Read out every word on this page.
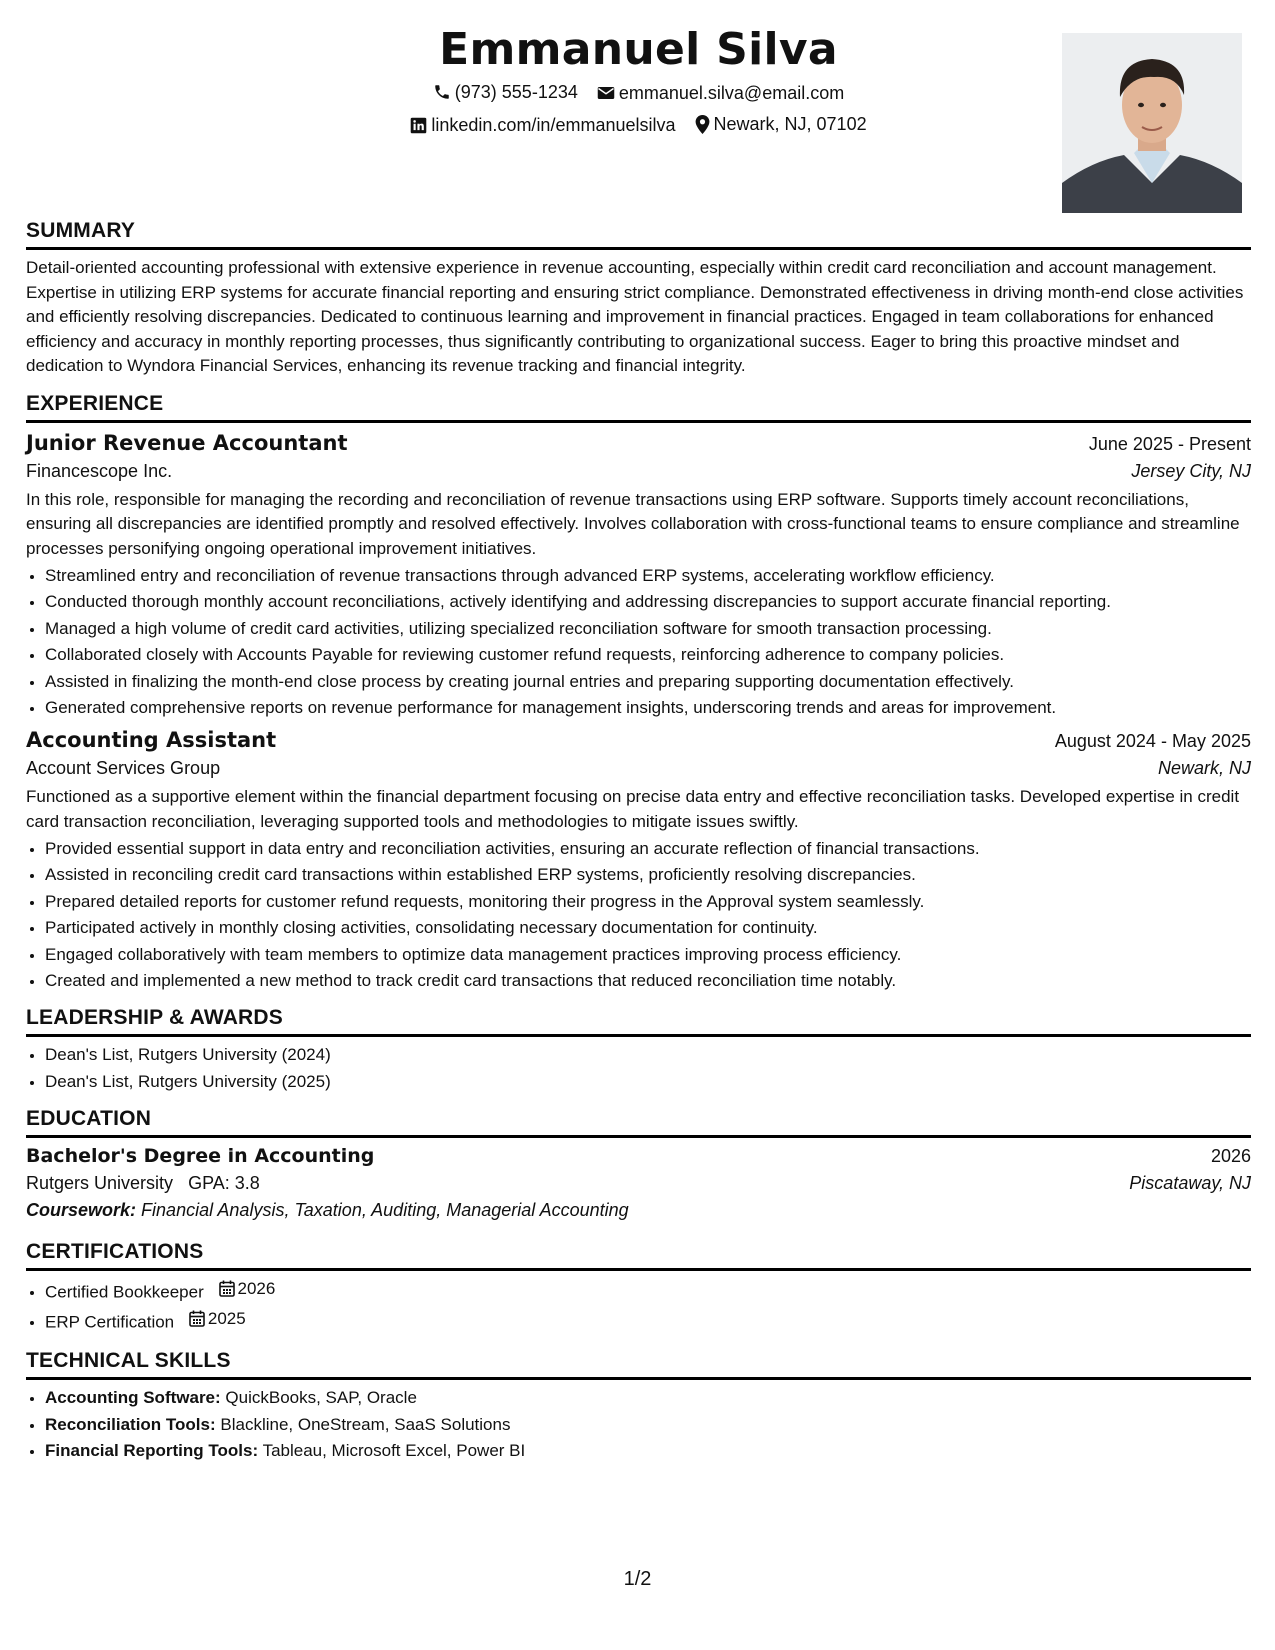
Emmanuel Silva
(973) 555-1234
emmanuel.silva@email.com
linkedin.com/in/emmanuelsilva
Newark, NJ, 07102
SUMMARY

Detail-oriented accounting professional with extensive experience in revenue accounting, especially within credit card reconciliation and account management. Expertise in utilizing ERP systems for accurate financial reporting and ensuring strict compliance. Demonstrated effectiveness in driving month-end close activities and efficiently resolving discrepancies. Dedicated to continuous learning and improvement in financial practices. Engaged in team collaborations for enhanced efficiency and accuracy in monthly reporting processes, thus significantly contributing to organizational success. Eager to bring this proactive mindset and dedication to Wyndora Financial Services, enhancing its revenue tracking and financial integrity.

EXPERIENCE
Junior Revenue Accountant	June 2025 - Present
Financescope Inc.	Jersey City, NJ

In this role, responsible for managing the recording and reconciliation of revenue transactions using ERP software. Supports timely account reconciliations, ensuring all discrepancies are identified promptly and resolved effectively. Involves collaboration with cross-functional teams to ensure compliance and streamline processes personifying ongoing operational improvement initiatives.

• Streamlined entry and reconciliation of revenue transactions through advanced ERP systems, accelerating workflow efficiency.
• Conducted thorough monthly account reconciliations, actively identifying and addressing discrepancies to support accurate financial reporting.
• Managed a high volume of credit card activities, utilizing specialized reconciliation software for smooth transaction processing.
• Collaborated closely with Accounts Payable for reviewing customer refund requests, reinforcing adherence to company policies.
• Assisted in finalizing the month-end close process by creating journal entries and preparing supporting documentation effectively.
• Generated comprehensive reports on revenue performance for management insights, underscoring trends and areas for improvement.
Accounting Assistant	August 2024 - May 2025
Account Services Group	Newark, NJ

Functioned as a supportive element within the financial department focusing on precise data entry and effective reconciliation tasks. Developed expertise in credit card transaction reconciliation, leveraging supported tools and methodologies to mitigate issues swiftly.

• Provided essential support in data entry and reconciliation activities, ensuring an accurate reflection of financial transactions.
• Assisted in reconciling credit card transactions within established ERP systems, proficiently resolving discrepancies.
• Prepared detailed reports for customer refund requests, monitoring their progress in the Approval system seamlessly.
• Participated actively in monthly closing activities, consolidating necessary documentation for continuity.
• Engaged collaboratively with team members to optimize data management practices improving process efficiency.
• Created and implemented a new method to track credit card transactions that reduced reconciliation time notably.
LEADERSHIP & AWARDS
• Dean's List, Rutgers University (2024)
• Dean's List, Rutgers University (2025)
EDUCATION
Bachelor's Degree in Accounting	2026
Rutgers University GPA: 3.8	Piscataway, NJ
Coursework: Financial Analysis, Taxation, Auditing, Managerial Accounting
CERTIFICATIONS
• Certified Bookkeeper 2026
• ERP Certification 2025
TECHNICAL SKILLS
• Accounting Software: QuickBooks, SAP, Oracle
• Reconciliation Tools: Blackline, OneStream, SaaS Solutions
• Financial Reporting Tools: Tableau, Microsoft Excel, Power BI
1/2
